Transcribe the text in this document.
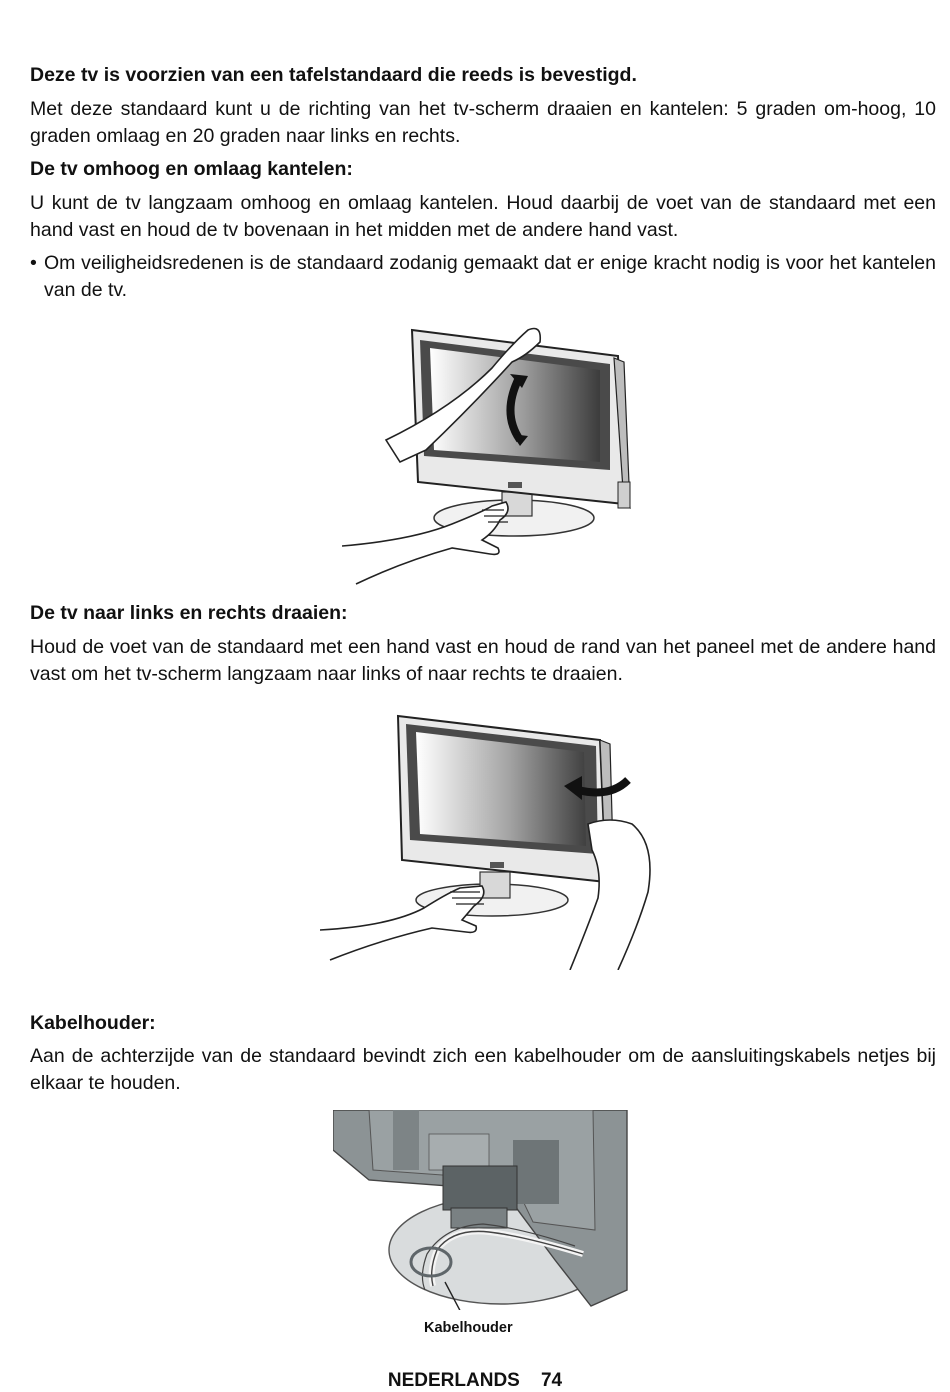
Deze tv is voorzien van een tafelstandaard die reeds is bevestigd.

Met deze standaard kunt u de richting van het tv-scherm draaien en kantelen: 5 graden om-hoog, 10 graden omlaag en 20 graden naar links en rechts.

De tv omhoog en omlaag kantelen:

U kunt de tv langzaam omhoog en omlaag kantelen. Houd daarbij de voet van de standaard met een hand vast en houd de tv bovenaan in het midden met de andere hand vast.

• Om veiligheidsredenen is de standaard zodanig gemaakt dat er enige kracht nodig is voor het kantelen van de tv.

De tv naar links en rechts draaien:

Houd de voet van de standaard met een hand vast en houd de rand van het paneel met de andere hand vast om het tv-scherm langzaam naar links of naar rechts te draaien.

Kabelhouder:

Aan de achterzijde van de standaard bevindt zich een kabelhouder om de aansluitingskabels netjes bij elkaar te houden.

Kabelhouder
NEDERLANDS 74
